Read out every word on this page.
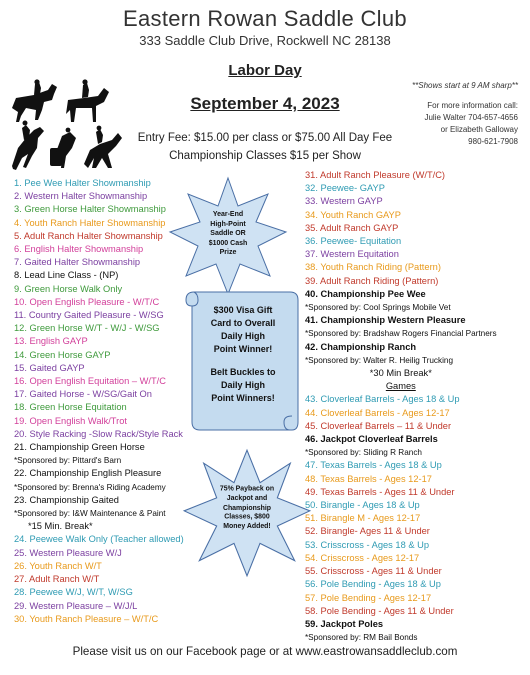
Eastern Rowan Saddle Club
333 Saddle Club Drive, Rockwell NC 28138
Labor Day
September 4, 2023
**Shows start at 9 AM sharp**
For more information call:
Julie Walter 704-657-4656
or Elizabeth Galloway
980-621-7908
Entry Fee: $15.00 per class or $75.00 All Day Fee
Championship Classes $15 per Show
1. Pee Wee Halter Showmanship
2. Western Halter Showmanship
3. Green Horse Halter Showmanship
4. Youth Ranch Halter Showmanship
5. Adult Ranch Halter Showmanship
6. English Halter Showmanship
7. Gaited Halter Showmanship
8. Lead Line Class - (NP)
9. Green Horse Walk Only
10. Open English Pleasure - W/T/C
11. Country Gaited Pleasure - W/SG
12. Green Horse W/T - W/J - W/SG
13. English GAYP
14. Green Horse GAYP
15. Gaited GAYP
16. Open English Equitation – W/T/C
17. Gaited Horse - W/SG/Gait On
18. Green Horse Equitation
19. Open English Walk/Trot
20. Style Racking -Slow Rack/Style Rack
21. Championship Green Horse
*Sponsored by: Pittard's Barn
22. Championship English Pleasure
*Sponsored by: Brenna's Riding Academy
23. Championship Gaited
*Sponsored by: I&W Maintenance & Paint
*15 Min. Break*
24. Peewee Walk Only (Teacher allowed)
25. Western Pleasure W/J
26. Youth Ranch W/T
27. Adult Ranch W/T
28. Peewee W/J, W/T, W/SG
29. Western Pleasure – W/J/L
30. Youth Ranch Pleasure – W/T/C
31. Adult Ranch Pleasure (W/T/C)
32. Peewee- GAYP
33. Western GAYP
34. Youth Ranch GAYP
35. Adult Ranch GAYP
36. Peewee- Equitation
37. Western Equitation
38. Youth Ranch Riding (Pattern)
39. Adult Ranch Riding (Pattern)
40. Championship Pee Wee
*Sponsored by: Cool Springs Mobile Vet
41. Championship Western Pleasure
*Sponsored by: Bradshaw Rogers Financial Partners
42. Championship Ranch
*Sponsored by: Walter R. Heilig Trucking
*30 Min Break*
Games
43. Cloverleaf Barrels - Ages 18 & Up
44. Cloverleaf Barrels - Ages 12-17
45. Cloverleaf Barrels – 11 & Under
46. Jackpot Cloverleaf Barrels
*Sponsored by: Sliding R Ranch
47. Texas Barrels - Ages 18 & Up
48. Texas Barrels - Ages 12-17
49. Texas Barrels - Ages 11 & Under
50. Birangle - Ages 18 & Up
51. Birangle M - Ages 12-17
52. Birangle- Ages 11 & Under
53. Crisscross - Ages 18 & Up
54. Crisscross - Ages 12-17
55. Crisscross - Ages 11 & Under
56. Pole Bending - Ages 18 & Up
57. Pole Bending - Ages 12-17
58. Pole Bending - Ages 11 & Under
59. Jackpot Poles
*Sponsored by: RM Bail Bonds
Year-End
High-Point
Saddle OR
$1000 Cash
Prize
$300 Visa Gift
Card to Overall
Daily High
Point Winner!
Belt Buckles to
Daily High
Point Winners!
75% Payback on
Jackpot and
Championship
Classes, $800
Money Added!
Please visit us on our Facebook page or at www.eastrowansaddleclub.com
